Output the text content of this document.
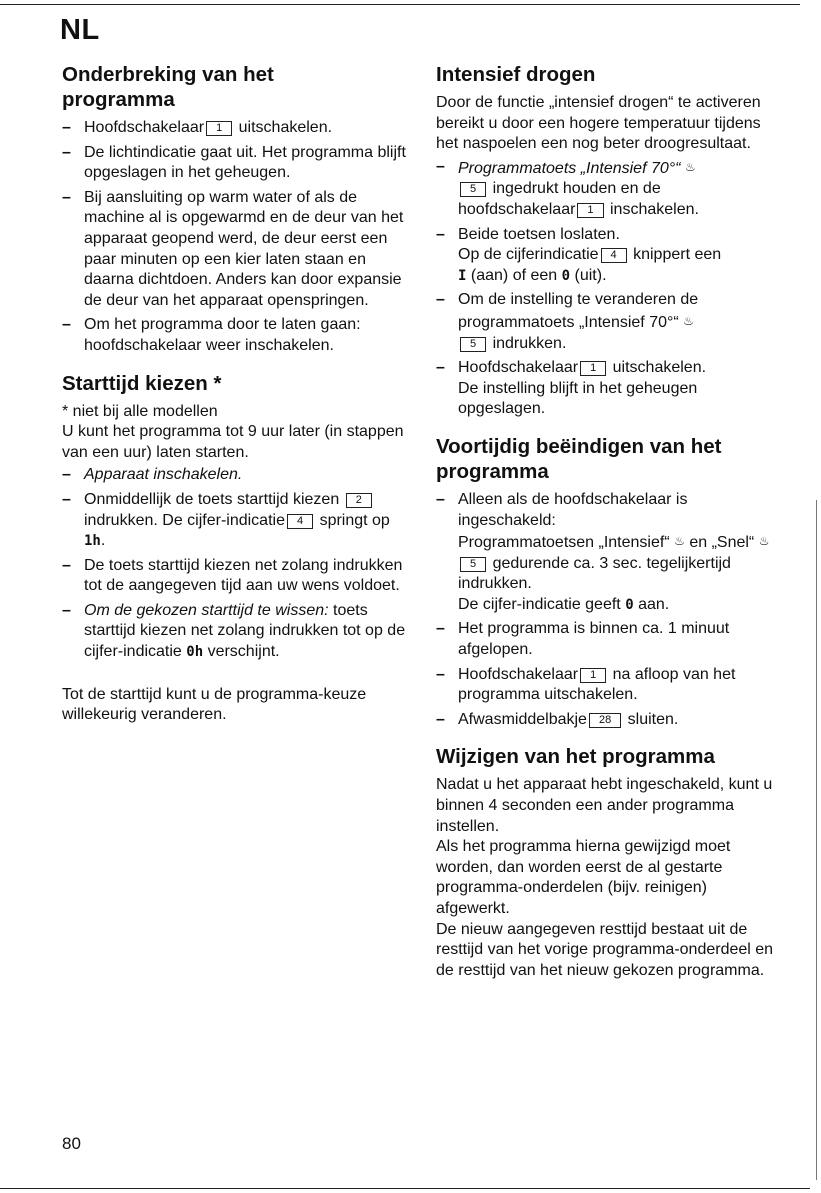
NL
Onderbreking van het
programma
– Hoofdschakelaar 1 uitschakelen.
– De lichtindicatie gaat uit. Het programma blijft opgeslagen in het geheugen.
– Bij aansluiting op warm water of als de machine al is opgewarmd en de deur van het apparaat geopend werd, de deur eerst een paar minuten op een kier laten staan en daarna dichtdoen. Anders kan door expansie de deur van het apparaat openspringen.
– Om het programma door te laten gaan: hoofdschakelaar weer inschakelen.
Starttijd kiezen *

* niet bij alle modellen

U kunt het programma tot 9 uur later (in stappen van een uur) laten starten.

– Apparaat inschakelen.
– Onmiddellijk de toets starttijd kiezen 2 indrukken. De cijfer-indicatie 4 springt op 1h.
– De toets starttijd kiezen net zolang indrukken tot de aangegeven tijd aan uw wens voldoet.
– Om de gekozen starttijd te wissen: toets starttijd kiezen net zolang indrukken tot op de cijfer-indicatie 0h verschijnt.

Tot de starttijd kunt u de programma-keuze willekeurig veranderen.

Intensief drogen

Door de functie „intensief drogen“ te activeren bereikt u door een hogere temperatuur tijdens het naspoelen een nog beter droogresultaat.

– Programmatoets „Intensief 70°“ ♨
5 ingedrukt houden en de hoofdschakelaar 1 inschakelen.
– Beide toetsen loslaten.
Op de cijferindicatie 4 knippert een
I (aan) of een 0 (uit).
– Om de instelling te veranderen de programmatoets „Intensief 70°“ ♨
5 indrukken.
– Hoofdschakelaar 1 uitschakelen.
De instelling blijft in het geheugen opgeslagen.
Voortijdig beëindigen van het programma
– Alleen als de hoofdschakelaar is ingeschakeld:
Programmatoetsen „Intensief“ ♨ en „Snel“ ♨ 5 gedurende ca. 3 sec. tegelijkertijd indrukken.
De cijfer-indicatie geeft 0 aan.
– Het programma is binnen ca. 1 minuut afgelopen.
– Hoofdschakelaar 1 na afloop van het programma uitschakelen.
– Afwasmiddelbakje 28 sluiten.
Wijzigen van het programma

Nadat u het apparaat hebt ingeschakeld, kunt u binnen 4 seconden een ander programma instellen.

Als het programma hierna gewijzigd moet worden, dan worden eerst de al gestarte programma-onderdelen (bijv. reinigen) afgewerkt.

De nieuw aangegeven resttijd bestaat uit de resttijd van het vorige programma-onderdeel en de resttijd van het nieuw gekozen programma.

80
